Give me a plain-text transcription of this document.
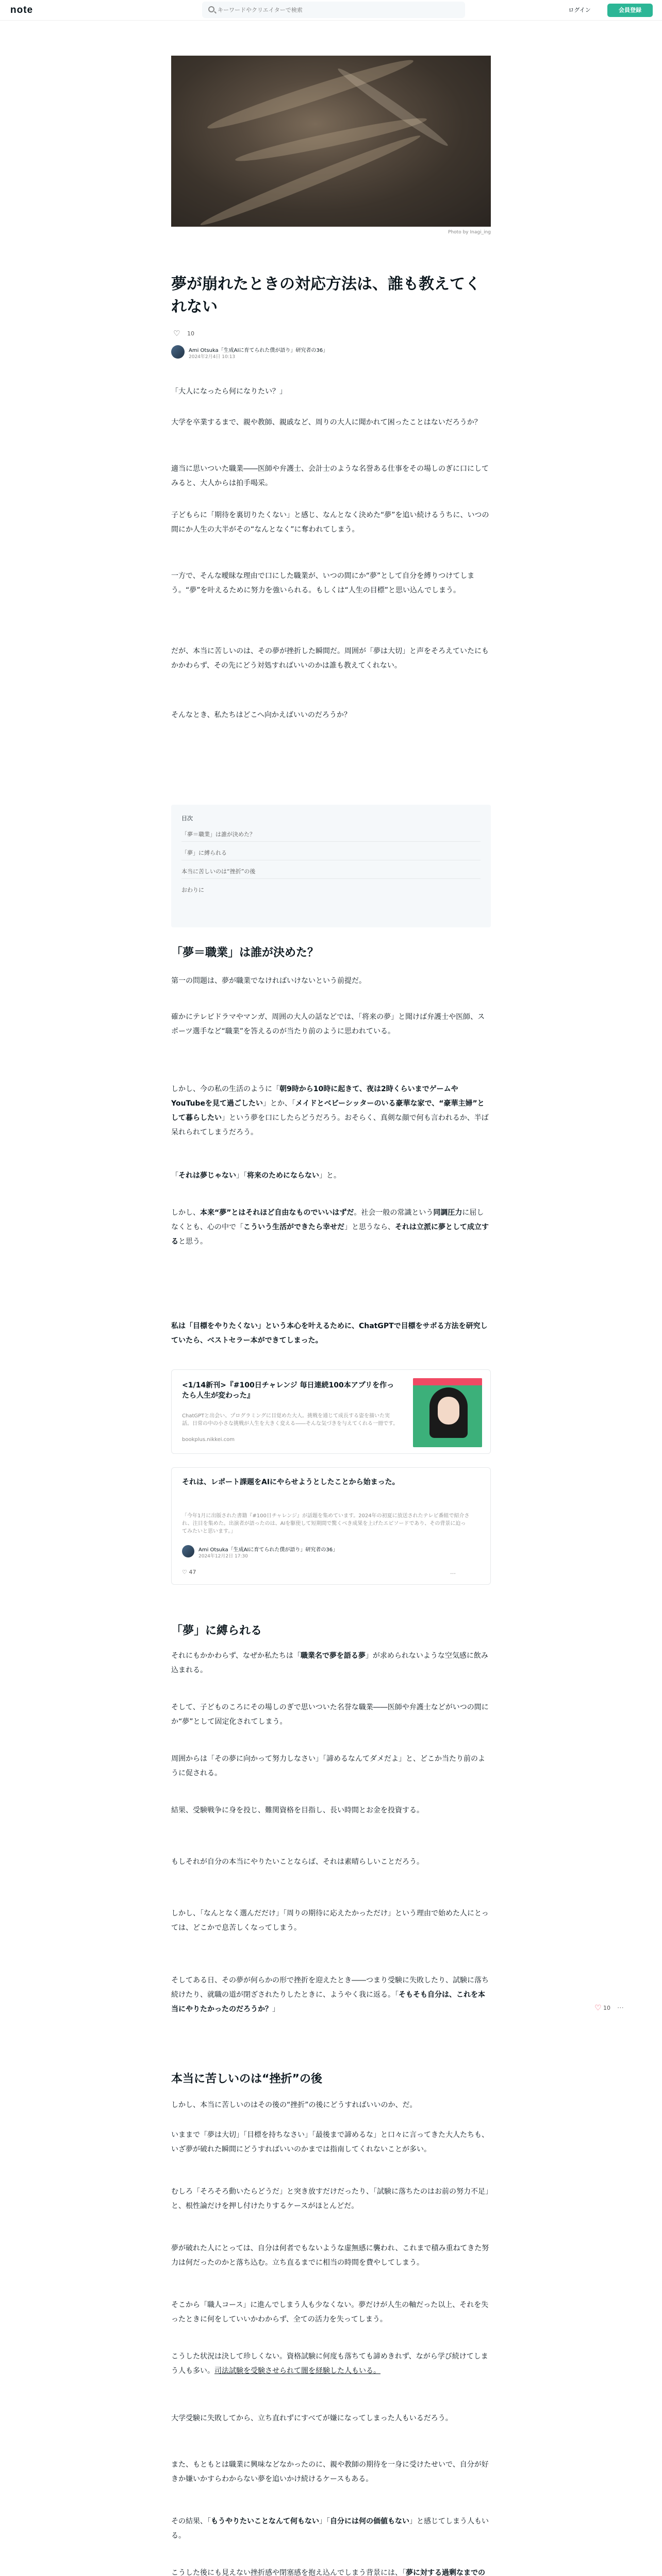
note
キーワードやクリエイターで検索	ログイン	会員登録
Photo by Inagi_ing
夢が崩れたときの対応方法は、誰も教えてくれない
♡ 10
Ami Otsuka「生成AIに育てられた僕が語り」研究者の36」
2024年2月4日 10:13

「大人になったら何になりたい？」

大学を卒業するまで、親や教師、親戚など、周りの大人に聞かれて困ったことはないだろうか？

適当に思いついた職業――医師や弁護士、会計士のような名誉ある仕事をその場しのぎに口にしてみると、大人からは拍手喝采。

子どもらに「期待を裏切りたくない」と感じ、なんとなく決めた“夢”を追い続けるうちに、いつの間にか人生の大半がその“なんとなく”に奪われてしまう。

一方で、そんな曖昧な理由で口にした職業が、いつの間にか“夢”として自分を縛りつけてしまう。“夢”を叶えるために努力を強いられる。もしくは“人生の目標”と思い込んでしまう。

だが、本当に苦しいのは、その夢が挫折した瞬間だ。周囲が「夢は大切」と声をそろえていたにもかかわらず、その先にどう対処すればいいのかは誰も教えてくれない。

そんなとき、私たちはどこへ向かえばいいのだろうか？

目次
「夢＝職業」は誰が決めた？
「夢」に縛られる
本当に苦しいのは“挫折”の後
おわりに
「夢＝職業」は誰が決めた？

第一の問題は、夢が職業でなければいけないという前提だ。

確かにテレビドラマやマンガ、周囲の大人の話などでは、「将来の夢」と聞けば弁護士や医師、スポーツ選手など“職業”を答えるのが当たり前のように思われている。

しかし、今の私の生活のように「朝9時から10時に起きて、夜は2時くらいまでゲームやYouTubeを見て過ごしたい」とか、「メイドとベビーシッターのいる豪華な家で、“豪華主婦”として暮らしたい」という夢を口にしたらどうだろう。おそらく、真剣な顔で何も言われるか、半ば呆れられてしまうだろう。

「それは夢じゃない」「将来のためにならない」と。

しかし、本来“夢”とはそれほど自由なものでいいはずだ。社会一般の常識という同調圧力に屈しなくとも、心の中で「こういう生活ができたら幸せだ」と思うなら、それは立派に夢として成立すると思う。

私は「目標をやりたくない」という本心を叶えるために、ChatGPTで目標をサボる方法を研究していたら、ベストセラー本ができてしまった。

<1/14新刊>『#100日チャレンジ 毎日連続100本アプリを作ったら人生が変わった』
ChatGPTと出会い、プログラミングに目覚めた大人。挑戦を通じて成長する姿を描いた実話。日常の中の小さな挑戦が人生を大きく変える――そんな気づきを与えてくれる一冊です。
bookplus.nikkei.com
それは、レポート課題をAIにやらせようとしたことから始まった。
「今年1月に出版された書籍『#100日チャレンジ』が話題を集めています。2024年の初夏に放送されたテレビ番組で紹介され、注目を集めた。出演者が語ったのは、AIを駆使して短期間で驚くべき成果を上げたエピソードであり、その背景に迫ってみたいと思います。」
Ami Otsuka「生成AIに育てられた僕が語り」研究者の36」
2024年12月2日 17:30
♡ 47	…
「夢」に縛られる

それにもかかわらず、なぜか私たちは「職業名で夢を語る夢」が求められないような空気感に飲み込まれる。

そして、子どものころにその場しのぎで思いついた名誉な職業――医師や弁護士などがいつの間にか“夢”として固定化されてしまう。

周囲からは「その夢に向かって努力しなさい」「諦めるなんてダメだよ」と、どこか当たり前のように促される。

結果、受験戦争に身を投じ、難関資格を目指し、長い時間とお金を投資する。

もしそれが自分の本当にやりたいことならば、それは素晴らしいことだろう。

しかし、「なんとなく選んだだけ」「周りの期待に応えたかっただけ」という理由で始めた人にとっては、どこかで息苦しくなってしまう。

そしてある日、その夢が何らかの形で挫折を迎えたとき――つまり受験に失敗したり、試験に落ち続けたり、就職の道が閉ざされたりしたときに、ようやく我に返る。「そもそも自分は、これを本当にやりたかったのだろうか？」

本当に苦しいのは“挫折”の後

しかし、本当に苦しいのはその後の“挫折”の後にどうすればいいのか、だ。

いままで「夢は大切」「目標を持ちなさい」「最後まで諦めるな」と口々に言ってきた大人たちも、いざ夢が破れた瞬間にどうすればいいのかまでは指南してくれないことが多い。

むしろ「そろそろ動いたらどうだ」と突き放すだけだったり、「試験に落ちたのはお前の努力不足」と、根性論だけを押し付けたりするケースがほとんどだ。

夢が破れた人にとっては、自分は何者でもないような虚無感に襲われ、これまで積み重ねてきた努力は何だったのかと落ち込む。立ち直るまでに相当の時間を費やしてしまう。

そこから「職人コース」に進んでしまう人も少なくない。夢だけが人生の軸だった以上、それを失ったときに何をしていいかわからず、全ての活力を失ってしまう。

こうした状況は決して珍しくない。資格試験に何度も落ちても諦めきれず、ながら学び続けてしまう人も多い。司法試験を受験させられて闇を経験した人もいる。

大学受験に失敗してから、立ち直れずにすべてが嫌になってしまった人もいるだろう。

また、もともとは職業に興味などなかったのに、親や教師の期待を一身に受けたせいで、自分が好きか嫌いかすらわからない夢を追いかけ続けるケースもある。

その結果、「もうやりたいことなんて何もない」「自分には何の価値もない」と感じてしまう人もいる。

こうした後にも見えない挫折感や閉塞感を抱え込んでしまう背景には、「夢に対する過剰なまでの

♡ 10 ⋯
